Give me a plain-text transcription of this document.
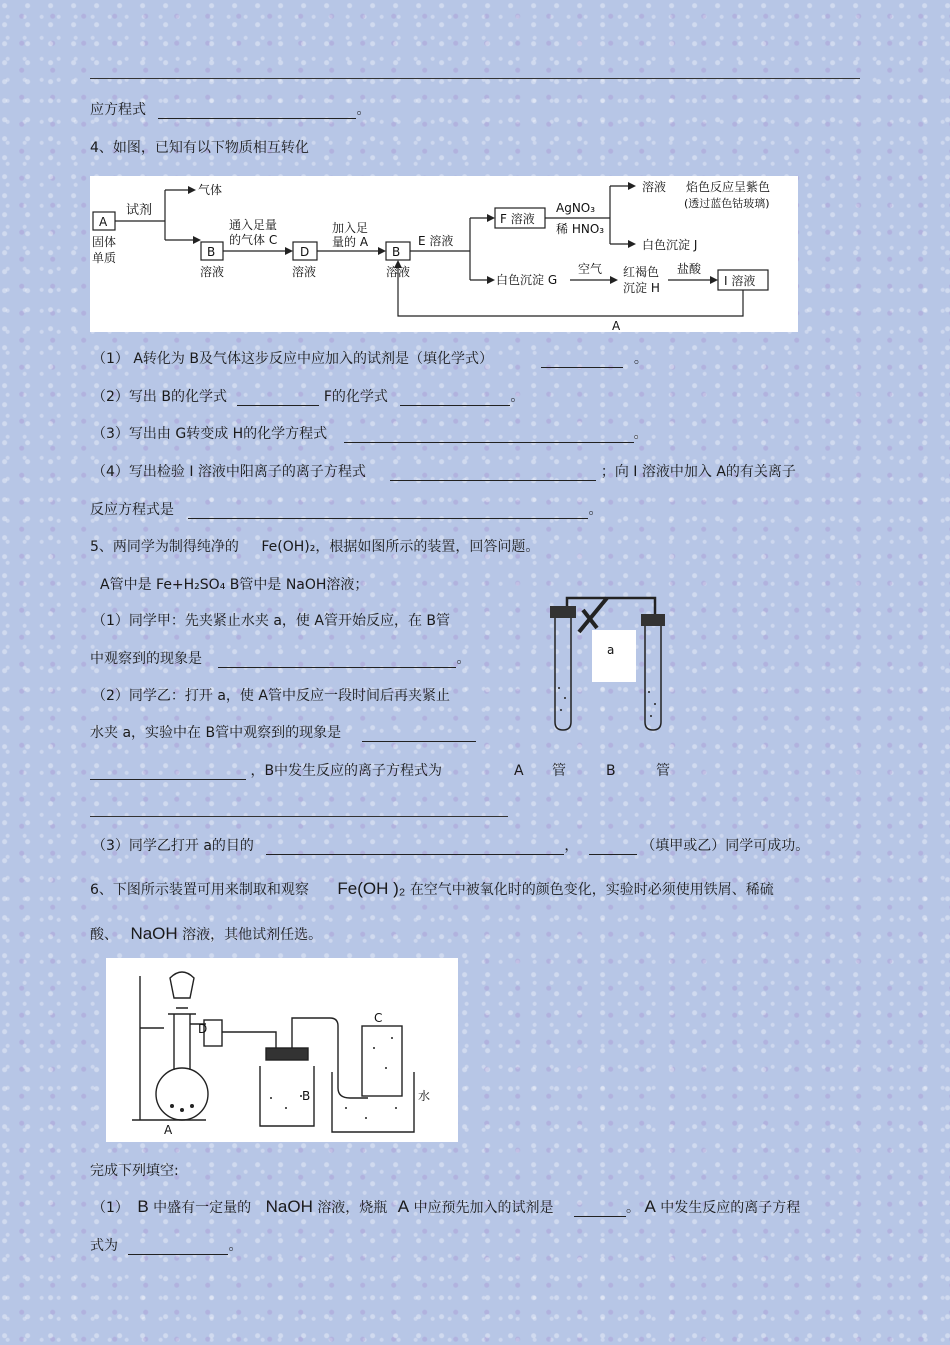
应方程式	。
4、如图，已知有以下物质相互转化
A
固体
单质
试剂
气体
B
溶液
通入足量
的气体 C
D
溶液
加入足
量的 A
B
溶液
E 溶液
F 溶液
AgNO₃
稀 HNO₃
溶液 焰色反应呈紫色
(透过蓝色钴玻璃)
白色沉淀 J
白色沉淀 G
空气 红褐色
沉淀 H
盐酸
I 溶液
A
（1） A转化为 B及气体这步反应中应加入的试剂是（填化学式）	。
（2）写出 B的化学式	F的化学式	。
（3）写出由 G转变成 H的化学方程式	。
（4）写出检验 I 溶液中阳离子的离子方程式	；向 I 溶液中加入 A的有关离子
反应方程式是	。
5、两同学为制得纯净的 Fe(OH)₂，根据如图所示的装置，回答问题。
A管中是 Fe+H₂SO₄ B管中是 NaOH溶液；
（1）同学甲：先夹紧止水夹 a，使 A管开始反应，在 B管
中观察到的现象是	。
（2）同学乙：打开 a，使 A管中反应一段时间后再夹紧止
水夹 a，实验中在 B管中观察到的现象是
，B中发生反应的离子方程式为	A 管	B	管
a
（3）同学乙打开 a的目的	，	（填甲或乙）同学可成功。
6、下图所示装置可用来制取和观察 Fe(OH )₂ 在空气中被氧化时的颜色变化，实验时必须使用铁屑、稀硫
酸、 NaOH 溶液，其他试剂任选。
D
B
C
水
A
完成下列填空:
（1） B 中盛有一定量的 NaOH 溶液，烧瓶 A 中应预先加入的试剂是	。 A 中发生反应的离子方程
式为	。
